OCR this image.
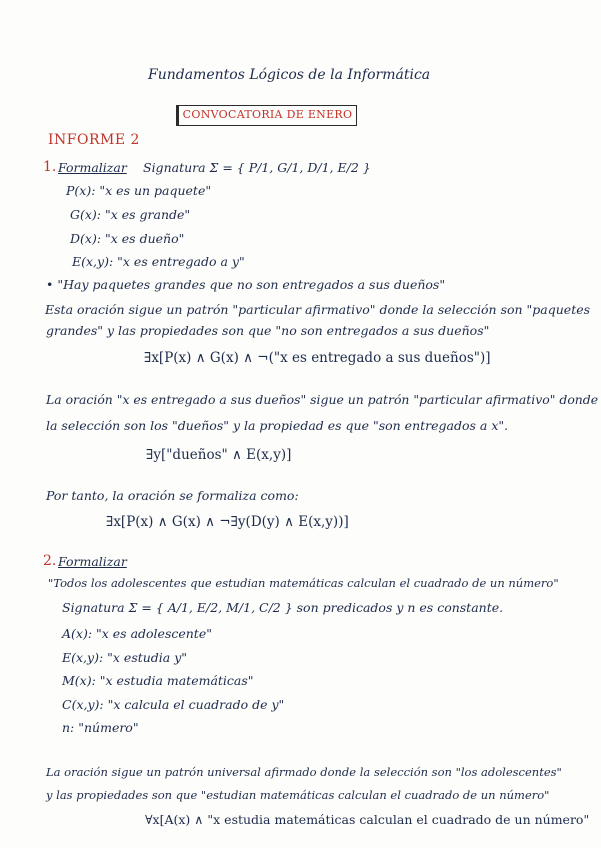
Fundamentos Lógicos de la Informática
CONVOCATORIA DE ENERO
INFORME 2
1. Formalizar Signatura Σ = { P/1, G/1, D/1, E/2 }
P(x): "x es un paquete"
G(x): "x es grande"
D(x): "x es dueño"
E(x,y): "x es entregado a y"
• "Hay paquetes grandes que no son entregados a sus dueños"
Esta oración sigue un patrón "particular afirmativo" donde la selección son "paquetes
grandes" y las propiedades son que "no son entregados a sus dueños"
∃x[P(x) ∧ G(x) ∧ ¬("x es entregado a sus dueños")]
La oración "x es entregado a sus dueños" sigue un patrón "particular afirmativo" donde
la selección son los "dueños" y la propiedad es que "son entregados a x".
∃y["dueños" ∧ E(x,y)]
Por tanto, la oración se formaliza como:
∃x[P(x) ∧ G(x) ∧ ¬∃y(D(y) ∧ E(x,y))]
2. Formalizar
"Todos los adolescentes que estudian matemáticas calculan el cuadrado de un número"
Signatura Σ = { A/1, E/2, M/1, C/2 } son predicados y n es constante.
A(x): "x es adolescente"
E(x,y): "x estudia y"
M(x): "x estudia matemáticas"
C(x,y): "x calcula el cuadrado de y"
n: "número"
La oración sigue un patrón universal afirmado donde la selección son "los adolescentes"
y las propiedades son que "estudian matemáticas calculan el cuadrado de un número"
∀x[A(x) ∧ "x estudia matemáticas calculan el cuadrado de un número"
